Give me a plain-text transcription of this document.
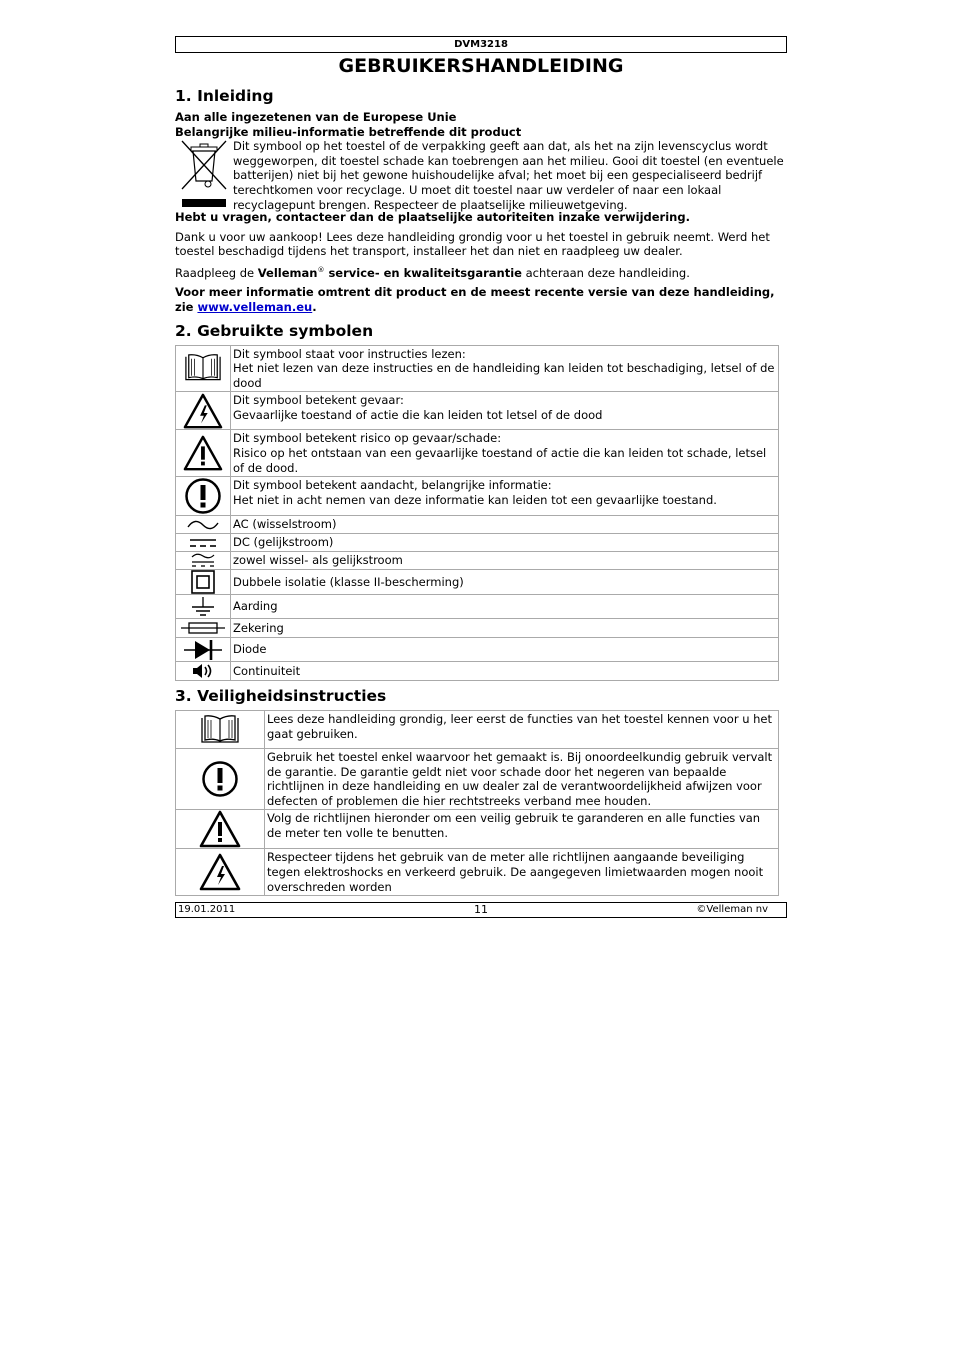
DVM3218
GEBRUIKERSHANDLEIDING
1. Inleiding

Aan alle ingezetenen van de Europese Unie

Belangrijke milieu-informatie betreffende dit product

Dit symbool op het toestel of de verpakking geeft aan dat, als het na zijn levenscyclus wordt weggeworpen, dit toestel schade kan toebrengen aan het milieu. Gooi dit toestel (en eventuele batterijen) niet bij het gewone huishoudelijke afval; het moet bij een gespecialiseerd bedrijf terechtkomen voor recyclage. U moet dit toestel naar uw verdeler of naar een lokaal recyclagepunt brengen. Respecteer de plaatselijke milieuwetgeving.

Hebt u vragen, contacteer dan de plaatselijke autoriteiten inzake verwijdering.

Dank u voor uw aankoop! Lees deze handleiding grondig voor u het toestel in gebruik neemt. Werd het toestel beschadigd tijdens het transport, installeer het dan niet en raadpleeg uw dealer.

Raadpleeg de Velleman® service- en kwaliteitsgarantie achteraan deze handleiding.

Voor meer informatie omtrent dit product en de meest recente versie van deze handleiding, zie www.velleman.eu.

2. Gebruikte symbolen
	Dit symbool staat voor instructies lezen:
Het niet lezen van deze instructies en de handleiding kan leiden tot beschadiging, letsel of de dood

	Dit symbool betekent gevaar:
Gevaarlijke toestand of actie die kan leiden tot letsel of de dood

	Dit symbool betekent risico op gevaar/schade:
Risico op het ontstaan van een gevaarlijke toestand of actie die kan leiden tot schade, letsel of de dood.

	Dit symbool betekent aandacht, belangrijke informatie:
Het niet in acht nemen van deze informatie kan leiden tot een gevaarlijke toestand.

	AC (wisselstroom)

	DC (gelijkstroom)

	zowel wissel- als gelijkstroom

	Dubbele isolatie (klasse II-bescherming)

	Aarding

	Zekering

	Diode

	Continuiteit
3. Veiligheidsinstructies
	Lees deze handleiding grondig, leer eerst de functies van het toestel kennen voor u het gaat gebruiken.

	Gebruik het toestel enkel waarvoor het gemaakt is. Bij onoordeelkundig gebruik vervalt de garantie. De garantie geldt niet voor schade door het negeren van bepaalde richtlijnen in deze handleiding en uw dealer zal de verantwoordelijkheid afwijzen voor defecten of problemen die hier rechtstreeks verband mee houden.

	Volg de richtlijnen hieronder om een veilig gebruik te garanderen en alle functies van de meter ten volle te benutten.

	Respecteer tijdens het gebruik van de meter alle richtlijnen aangaande beveiliging tegen elektroshocks en verkeerd gebruik. De aangegeven limietwaarden mogen nooit overschreden worden
19.01.2011	11	©Velleman nv
